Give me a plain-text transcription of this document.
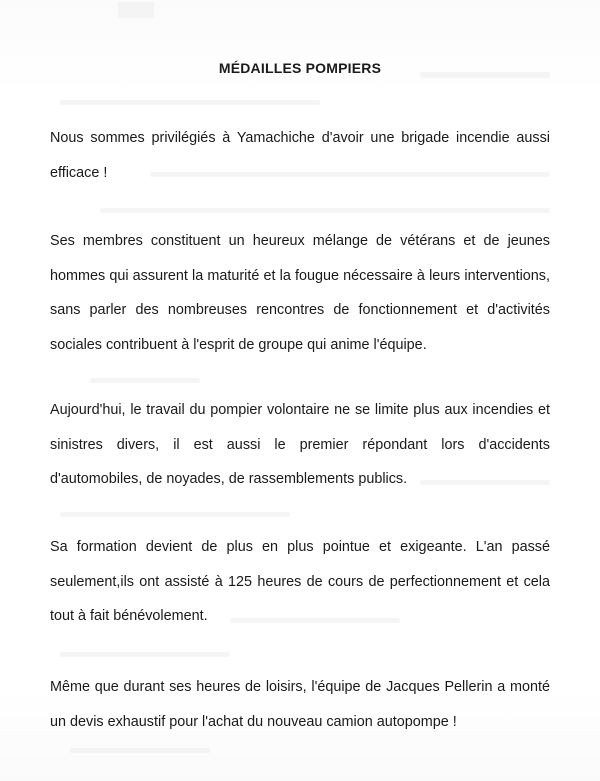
MÉDAILLES POMPIERS

Nous sommes privilégiés à Yamachiche d'avoir une brigade incendie aussi efficace !

Ses membres constituent un heureux mélange de vétérans et de jeunes hommes qui assurent la maturité et la fougue nécessaire à leurs interventions, sans parler des nombreuses rencontres de fonctionnement et d'activités sociales contribuent à l'esprit de groupe qui anime l'équipe.

Aujourd'hui, le travail du pompier volontaire ne se limite plus aux incendies et sinistres divers, il est aussi le premier répondant lors d'accidents d'automobiles, de noyades, de rassemblements publics.

Sa formation devient de plus en plus pointue et exigeante. L'an passé seulement,ils ont assisté à 125 heures de cours de perfectionnement et cela tout à fait bénévolement.

Même que durant ses heures de loisirs, l'équipe de Jacques Pellerin a monté un devis exhaustif pour l'achat du nouveau camion autopompe !
